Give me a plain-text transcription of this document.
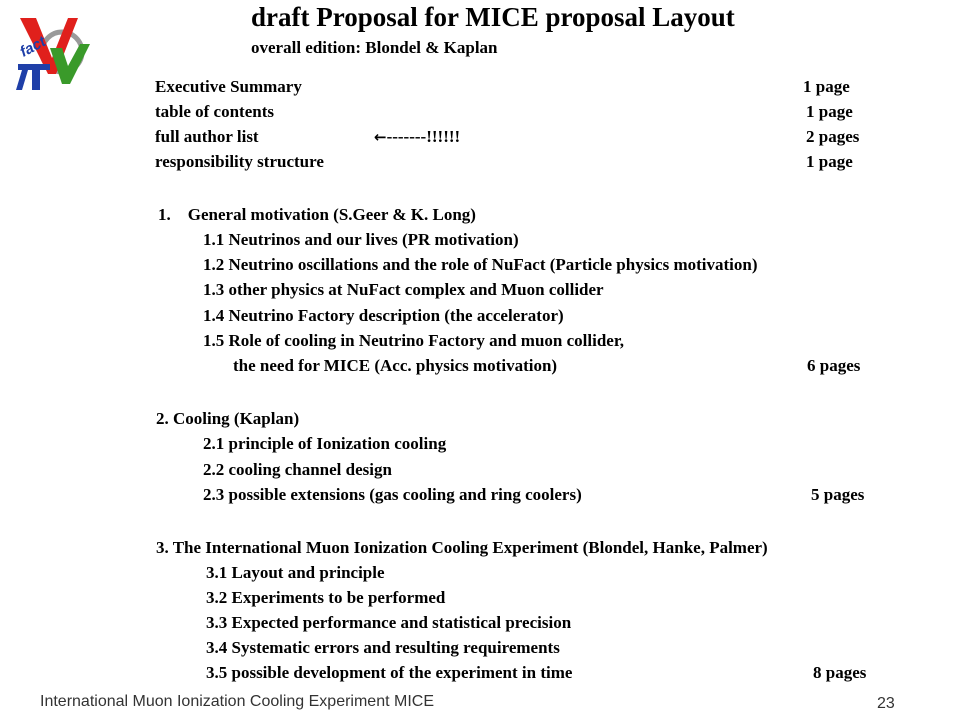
fact
draft Proposal for MICE proposal Layout
overall edition: Blondel & Kaplan
Executive Summary	1 page
table of contents	1 page
full author list	←-------!!!!!!	2 pages
responsibility structure	1 page
1.    General motivation (S.Geer & K. Long)
1.1 Neutrinos and our lives (PR motivation)
1.2 Neutrino oscillations and the role of NuFact (Particle physics motivation)
1.3 other physics at NuFact complex and Muon collider
1.4 Neutrino Factory description (the accelerator)
1.5 Role of cooling in Neutrino Factory and muon collider,
the need for MICE (Acc. physics motivation)	6 pages
2. Cooling (Kaplan)
2.1 principle of Ionization cooling
2.2 cooling channel design
2.3 possible extensions (gas cooling and ring coolers)	5 pages
3. The International Muon Ionization Cooling Experiment (Blondel, Hanke, Palmer)
3.1 Layout and principle
3.2 Experiments to be performed
3.3 Expected performance and statistical precision
3.4 Systematic errors and resulting requirements
3.5 possible development of the experiment in time	8 pages
International Muon Ionization Cooling Experiment MICE	23
